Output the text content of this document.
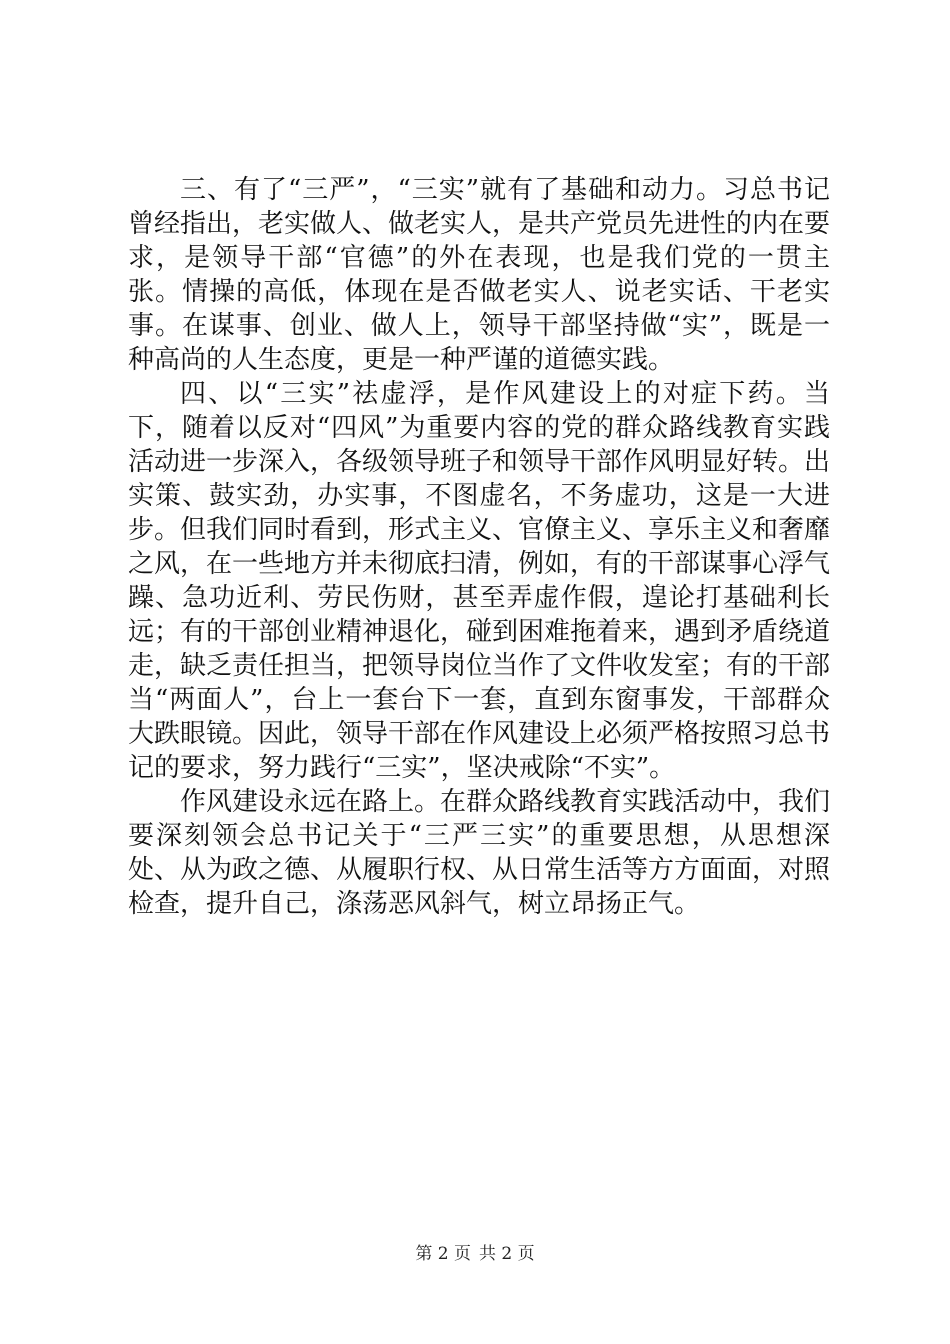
三、有了“三严”，“三实”就有了基础和动力。习总书记曾经指出，老实做人、做老实人，是共产党员先进性的内在要求，是领导干部“官德”的外在表现，也是我们党的一贯主张。情操的高低，体现在是否做老实人、说老实话、干老实事。在谋事、创业、做人上，领导干部坚持做“实”，既是一种高尚的人生态度，更是一种严谨的道德实践。

四、以“三实”祛虚浮，是作风建设上的对症下药。当下，随着以反对“四风”为重要内容的党的群众路线教育实践活动进一步深入，各级领导班子和领导干部作风明显好转。出实策、鼓实劲，办实事，不图虚名，不务虚功，这是一大进步。但我们同时看到，形式主义、官僚主义、享乐主义和奢靡之风，在一些地方并未彻底扫清，例如，有的干部谋事心浮气躁、急功近利、劳民伤财，甚至弄虚作假，遑论打基础利长远；有的干部创业精神退化，碰到困难拖着来，遇到矛盾绕道走，缺乏责任担当，把领导岗位当作了文件收发室；有的干部当“两面人”，台上一套台下一套，直到东窗事发，干部群众大跌眼镜。因此，领导干部在作风建设上必须严格按照习总书记的要求，努力践行“三实”，坚决戒除“不实”。

作风建设永远在路上。在群众路线教育实践活动中，我们要深刻领会总书记关于“三严三实”的重要思想，从思想深处、从为政之德、从履职行权、从日常生活等方方面面，对照检查，提升自己，涤荡恶风斜气，树立昂扬正气。

第 2 页 共 2 页
